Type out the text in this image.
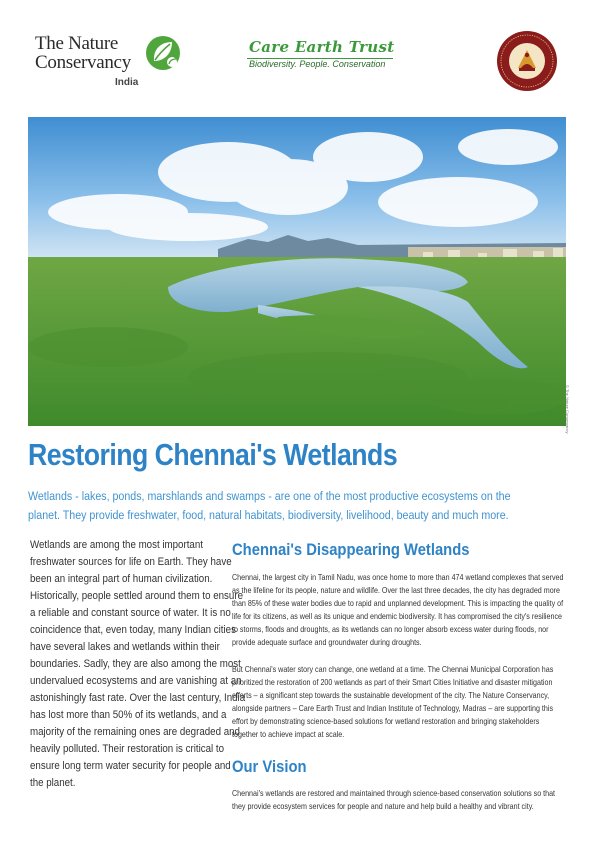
The Nature
Conservancy
India
Care Earth Trust
Biodiversity. People. Conservation
© The Nature Conservancy
Restoring Chennai's Wetlands
Wetlands - lakes, ponds, marshlands and swamps - are one of the most productive ecosystems on the planet. They provide freshwater, food, natural habitats, biodiversity, livelihood, beauty and much more.

Wetlands are among the most important freshwater sources for life on Earth. They have been an integral part of human civilization. Historically, people settled around them to ensure a reliable and constant source of water. It is no coincidence that, even today, many Indian cities have several lakes and wetlands within their boundaries. Sadly, they are also among the most undervalued ecosystems and are vanishing at an astonishingly fast rate. Over the last century, India has lost more than 50% of its wetlands, and a majority of the remaining ones are degraded and heavily polluted. Their restoration is critical to ensure long term water security for people and the planet.

Chennai's Disappearing Wetlands

Chennai, the largest city in Tamil Nadu, was once home to more than 474 wetland complexes that served as the lifeline for its people, nature and wildlife. Over the last three decades, the city has degraded more than 85% of these water bodies due to rapid and unplanned development. This is impacting the quality of life for its citizens, as well as its unique and endemic biodiversity. It has compromised the city's resilience to storms, floods and droughts, as its wetlands can no longer absorb excess water during floods, nor provide adequate surface and groundwater during droughts.

But Chennai's water story can change, one wetland at a time. The Chennai Municipal Corporation has prioritized the restoration of 200 wetlands as part of their Smart Cities Initiative and disaster mitigation efforts – a significant step towards the sustainable development of the city. The Nature Conservancy, alongside partners – Care Earth Trust and Indian Institute of Technology, Madras – are supporting this effort by demonstrating science-based solutions for wetland restoration and bringing stakeholders together to achieve impact at scale.

Our Vision

Chennai's wetlands are restored and maintained through science-based conservation solutions so that they provide ecosystem services for people and nature and help build a healthy and vibrant city.
